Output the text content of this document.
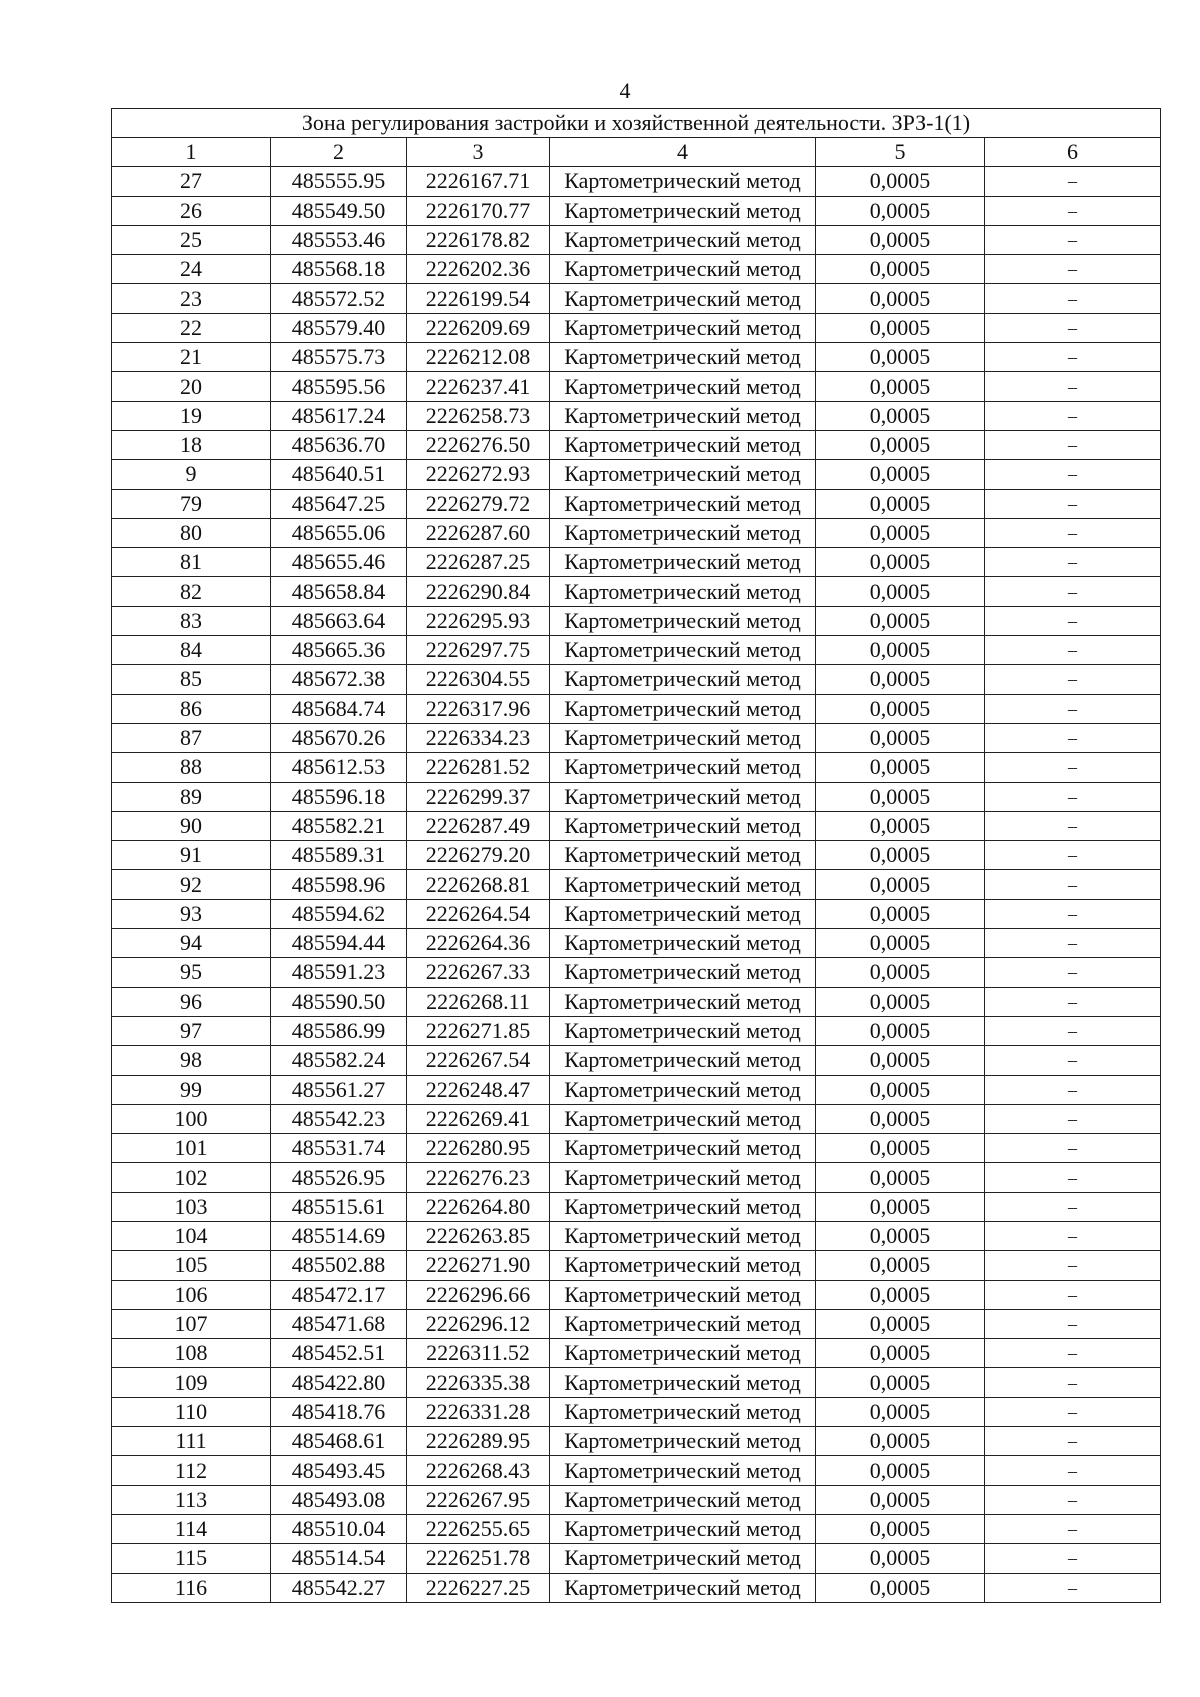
4
Зона регулирования застройки и хозяйственной деятельности. ЗРЗ-1(1)					
1	2	3	4	5	6
27	485555.95	2226167.71	Картометрический метод	0,0005	–
26	485549.50	2226170.77	Картометрический метод	0,0005	–
25	485553.46	2226178.82	Картометрический метод	0,0005	–
24	485568.18	2226202.36	Картометрический метод	0,0005	–
23	485572.52	2226199.54	Картометрический метод	0,0005	–
22	485579.40	2226209.69	Картометрический метод	0,0005	–
21	485575.73	2226212.08	Картометрический метод	0,0005	–
20	485595.56	2226237.41	Картометрический метод	0,0005	–
19	485617.24	2226258.73	Картометрический метод	0,0005	–
18	485636.70	2226276.50	Картометрический метод	0,0005	–
9	485640.51	2226272.93	Картометрический метод	0,0005	–
79	485647.25	2226279.72	Картометрический метод	0,0005	–
80	485655.06	2226287.60	Картометрический метод	0,0005	–
81	485655.46	2226287.25	Картометрический метод	0,0005	–
82	485658.84	2226290.84	Картометрический метод	0,0005	–
83	485663.64	2226295.93	Картометрический метод	0,0005	–
84	485665.36	2226297.75	Картометрический метод	0,0005	–
85	485672.38	2226304.55	Картометрический метод	0,0005	–
86	485684.74	2226317.96	Картометрический метод	0,0005	–
87	485670.26	2226334.23	Картометрический метод	0,0005	–
88	485612.53	2226281.52	Картометрический метод	0,0005	–
89	485596.18	2226299.37	Картометрический метод	0,0005	–
90	485582.21	2226287.49	Картометрический метод	0,0005	–
91	485589.31	2226279.20	Картометрический метод	0,0005	–
92	485598.96	2226268.81	Картометрический метод	0,0005	–
93	485594.62	2226264.54	Картометрический метод	0,0005	–
94	485594.44	2226264.36	Картометрический метод	0,0005	–
95	485591.23	2226267.33	Картометрический метод	0,0005	–
96	485590.50	2226268.11	Картометрический метод	0,0005	–
97	485586.99	2226271.85	Картометрический метод	0,0005	–
98	485582.24	2226267.54	Картометрический метод	0,0005	–
99	485561.27	2226248.47	Картометрический метод	0,0005	–
100	485542.23	2226269.41	Картометрический метод	0,0005	–
101	485531.74	2226280.95	Картометрический метод	0,0005	–
102	485526.95	2226276.23	Картометрический метод	0,0005	–
103	485515.61	2226264.80	Картометрический метод	0,0005	–
104	485514.69	2226263.85	Картометрический метод	0,0005	–
105	485502.88	2226271.90	Картометрический метод	0,0005	–
106	485472.17	2226296.66	Картометрический метод	0,0005	–
107	485471.68	2226296.12	Картометрический метод	0,0005	–
108	485452.51	2226311.52	Картометрический метод	0,0005	–
109	485422.80	2226335.38	Картометрический метод	0,0005	–
110	485418.76	2226331.28	Картометрический метод	0,0005	–
111	485468.61	2226289.95	Картометрический метод	0,0005	–
112	485493.45	2226268.43	Картометрический метод	0,0005	–
113	485493.08	2226267.95	Картометрический метод	0,0005	–
114	485510.04	2226255.65	Картометрический метод	0,0005	–
115	485514.54	2226251.78	Картометрический метод	0,0005	–
116	485542.27	2226227.25	Картометрический метод	0,0005	–
